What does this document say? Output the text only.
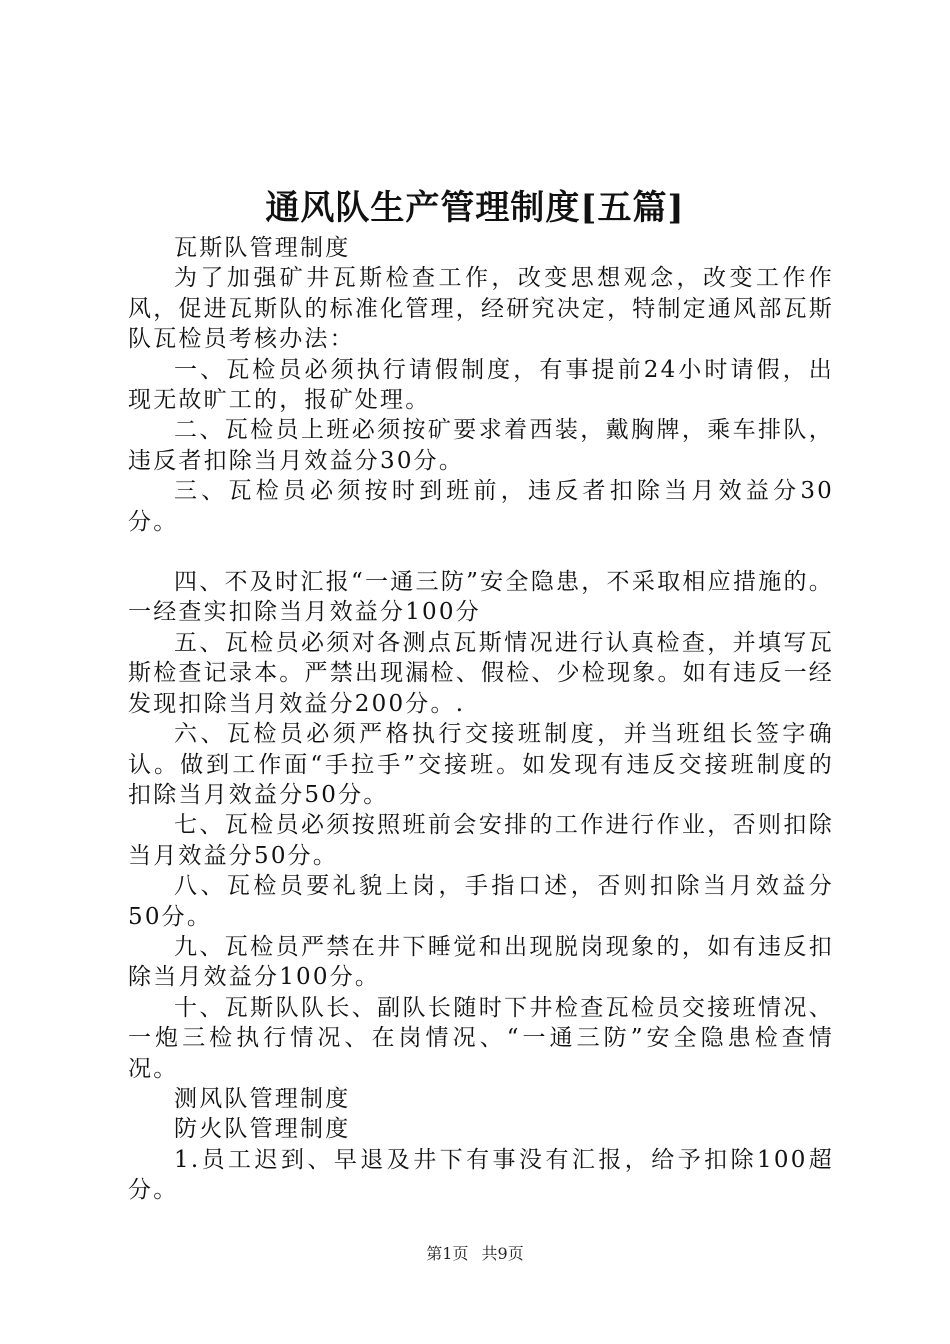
通风队生产管理制度[五篇]

瓦斯队管理制度

为了加强矿井瓦斯检查工作，改变思想观念，改变工作作风，促进瓦斯队的标准化管理，经研究决定，特制定通风部瓦斯队瓦检员考核办法：

一、瓦检员必须执行请假制度，有事提前24小时请假，出现无故旷工的，报矿处理。

二、瓦检员上班必须按矿要求着西装，戴胸牌，乘车排队，违反者扣除当月效益分30分。

三、瓦检员必须按时到班前，违反者扣除当月效益分30分。

四、不及时汇报“一通三防”安全隐患，不采取相应措施的。一经查实扣除当月效益分100分

五、瓦检员必须对各测点瓦斯情况进行认真检查，并填写瓦斯检查记录本。严禁出现漏检、假检、少检现象。如有违反一经发现扣除当月效益分200分。.

六、瓦检员必须严格执行交接班制度，并当班组长签字确认。做到工作面“手拉手”交接班。如发现有违反交接班制度的扣除当月效益分50分。

七、瓦检员必须按照班前会安排的工作进行作业，否则扣除当月效益分50分。

八、瓦检员要礼貌上岗，手指口述，否则扣除当月效益分50分。

九、瓦检员严禁在井下睡觉和出现脱岗现象的，如有违反扣除当月效益分100分。

十、瓦斯队队长、副队长随时下井检查瓦检员交接班情况、一炮三检执行情况、在岗情况、“一通三防”安全隐患检查情况。

测风队管理制度

防火队管理制度

1.员工迟到、早退及井下有事没有汇报，给予扣除100超分。

第1页 共9页
